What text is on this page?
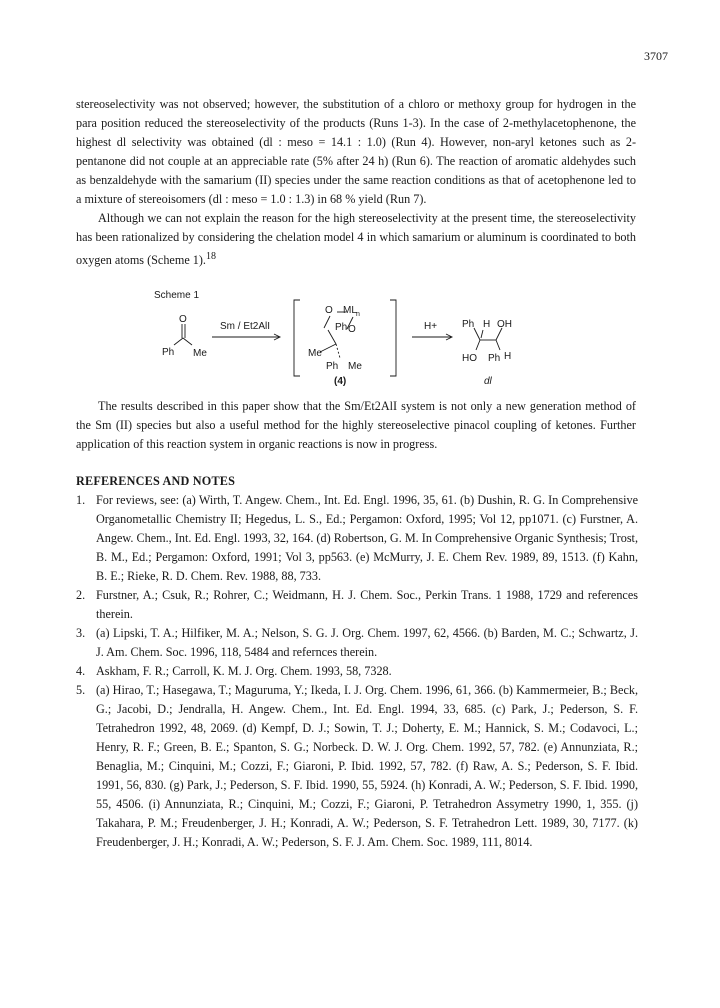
3707

stereoselectivity was not observed; however, the substitution of a chloro or methoxy group for hydrogen in the para position reduced the stereoselectivity of the products (Runs 1-3). In the case of 2-methylacetophenone, the highest dl selectivity was obtained (dl : meso = 14.1 : 1.0) (Run 4). However, non-aryl ketones such as 2-pentanone did not couple at an appreciable rate (5% after 24 h) (Run 6). The reaction of aromatic aldehydes such as benzaldehyde with the samarium (II) species under the same reaction conditions as that of acetophenone led to a mixture of stereoisomers (dl : meso = 1.0 : 1.3) in 68 % yield (Run 7).

Although we can not explain the reason for the high stereoselectivity at the present time, the stereoselectivity has been rationalized by considering the chelation model 4 in which samarium or aluminum is coordinated to both oxygen atoms (Scheme 1).$^{18}$

Scheme 1
O
Ph Me
Sm / Et2AlI
O ML n
Ph O
Me
Ph Me
(4)
H+ Ph H OH
HO Ph H
dl

The results described in this paper show that the Sm/Et2AlI system is not only a new generation method of the Sm (II) species but also a useful method for the highly stereoselective pinacol coupling of ketones. Further application of this reaction system in organic reactions is now in progress.

REFERENCES AND NOTES
1. For reviews, see: (a) Wirth, T. Angew. Chem., Int. Ed. Engl. 1996, 35, 61. (b) Dushin, R. G. In Comprehensive Organometallic Chemistry II; Hegedus, L. S., Ed.; Pergamon: Oxford, 1995; Vol 12, pp1071. (c) Furstner, A. Angew. Chem., Int. Ed. Engl. 1993, 32, 164. (d) Robertson, G. M. In Comprehensive Organic Synthesis; Trost, B. M., Ed.; Pergamon: Oxford, 1991; Vol 3, pp563. (e) McMurry, J. E. Chem Rev. 1989, 89, 1513. (f) Kahn, B. E.; Rieke, R. D. Chem. Rev. 1988, 88, 733.
2. Furstner, A.; Csuk, R.; Rohrer, C.; Weidmann, H. J. Chem. Soc., Perkin Trans. 1 1988, 1729 and references therein.
3. (a) Lipski, T. A.; Hilfiker, M. A.; Nelson, S. G. J. Org. Chem. 1997, 62, 4566. (b) Barden, M. C.; Schwartz, J. J. Am. Chem. Soc. 1996, 118, 5484 and refernces therein.
4. Askham, F. R.; Carroll, K. M. J. Org. Chem. 1993, 58, 7328.
5. (a) Hirao, T.; Hasegawa, T.; Maguruma, Y.; Ikeda, I. J. Org. Chem. 1996, 61, 366. (b) Kammermeier, B.; Beck, G.; Jacobi, D.; Jendralla, H. Angew. Chem., Int. Ed. Engl. 1994, 33, 685. (c) Park, J.; Pederson, S. F. Tetrahedron 1992, 48, 2069. (d) Kempf, D. J.; Sowin, T. J.; Doherty, E. M.; Hannick, S. M.; Codavoci, L.; Henry, R. F.; Green, B. E.; Spanton, S. G.; Norbeck. D. W. J. Org. Chem. 1992, 57, 782. (e) Annunziata, R.; Benaglia, M.; Cinquini, M.; Cozzi, F.; Giaroni, P. Ibid. 1992, 57, 782. (f) Raw, A. S.; Pederson, S. F. Ibid. 1991, 56, 830. (g) Park, J.; Pederson, S. F. Ibid. 1990, 55, 5924. (h) Konradi, A. W.; Pederson, S. F. Ibid. 1990, 55, 4506. (i) Annunziata, R.; Cinquini, M.; Cozzi, F.; Giaroni, P. Tetrahedron Assymetry 1990, 1, 355. (j) Takahara, P. M.; Freudenberger, J. H.; Konradi, A. W.; Pederson, S. F. Tetrahedron Lett. 1989, 30, 7177. (k) Freudenberger, J. H.; Konradi, A. W.; Pederson, S. F. J. Am. Chem. Soc. 1989, 111, 8014.
